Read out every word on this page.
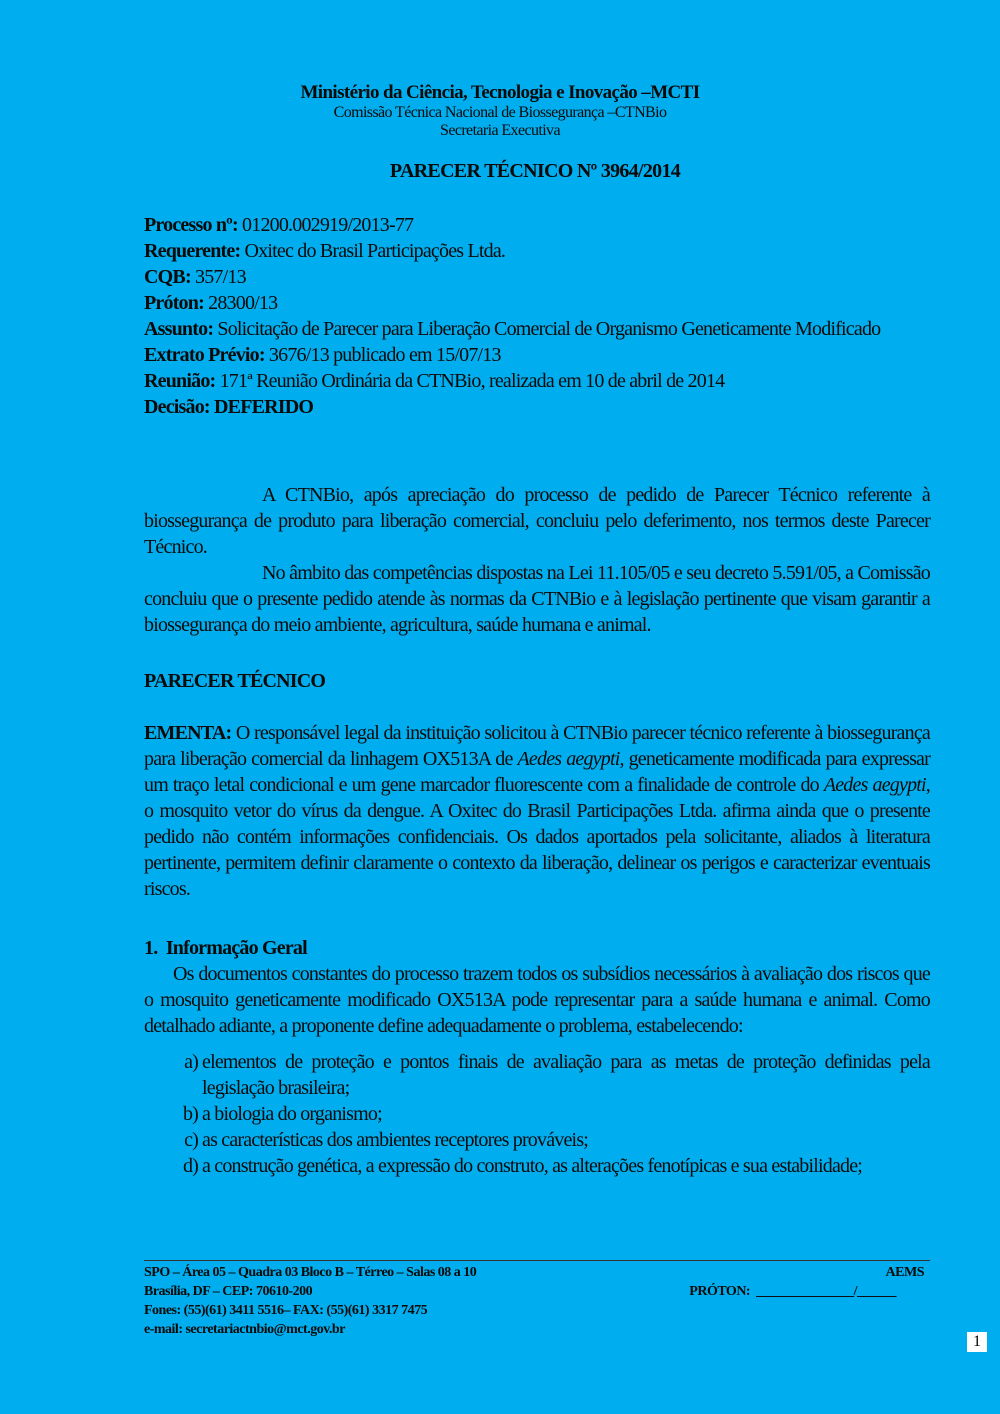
Ministério da Ciência, Tecnologia e Inovação –MCTI
Comissão Técnica Nacional de Biossegurança –CTNBio
Secretaria Executiva
PARECER TÉCNICO Nº 3964/2014

Processo nº: 01200.002919/2013-77

Requerente: Oxitec do Brasil Participações Ltda.

CQB: 357/13

Próton: 28300/13

Assunto: Solicitação de Parecer para Liberação Comercial de Organismo Geneticamente Modificado

Extrato Prévio: 3676/13 publicado em 15/07/13

Reunião: 171ª Reunião Ordinária da CTNBio, realizada em 10 de abril de 2014

Decisão: DEFERIDO

A CTNBio, após apreciação do processo de pedido de Parecer Técnico referente à biossegurança de produto para liberação comercial, concluiu pelo deferimento, nos termos deste Parecer Técnico.

No âmbito das competências dispostas na Lei 11.105/05 e seu decreto 5.591/05, a Comissão concluiu que o presente pedido atende às normas da CTNBio e à legislação pertinente que visam garantir a biossegurança do meio ambiente, agricultura, saúde humana e animal.

PARECER TÉCNICO

EMENTA: O responsável legal da instituição solicitou à CTNBio parecer técnico referente à biossegurança para liberação comercial da linhagem OX513A de Aedes aegypti, geneticamente modificada para expressar um traço letal condicional e um gene marcador fluorescente com a finalidade de controle do Aedes aegypti, o mosquito vetor do vírus da dengue. A Oxitec do Brasil Participações Ltda. afirma ainda que o presente pedido não contém informações confidenciais. Os dados aportados pela solicitante, aliados à literatura pertinente, permitem definir claramente o contexto da liberação, delinear os perigos e caracterizar eventuais riscos.

1. Informação Geral

Os documentos constantes do processo trazem todos os subsídios necessários à avaliação dos riscos que o mosquito geneticamente modificado OX513A pode representar para a saúde humana e animal. Como detalhado adiante, a proponente define adequadamente o problema, estabelecendo:

a) elementos de proteção e pontos finais de avaliação para as metas de proteção definidas pela legislação brasileira;
b) a biologia do organismo;
c) as características dos ambientes receptores prováveis;
d) a construção genética, a expressão do construto, as alterações fenotípicas e sua estabilidade;
SPO – Área 05 – Quadra 03 Bloco B – Térreo – Salas 08 a 10	AEMS
Brasília, DF – CEP: 70610-200	PRÓTON:  _______________/______
Fones: (55)(61) 3411 5516– FAX: (55)(61) 3317 7475
e-mail: secretariactnbio@mct.gov.br
1
